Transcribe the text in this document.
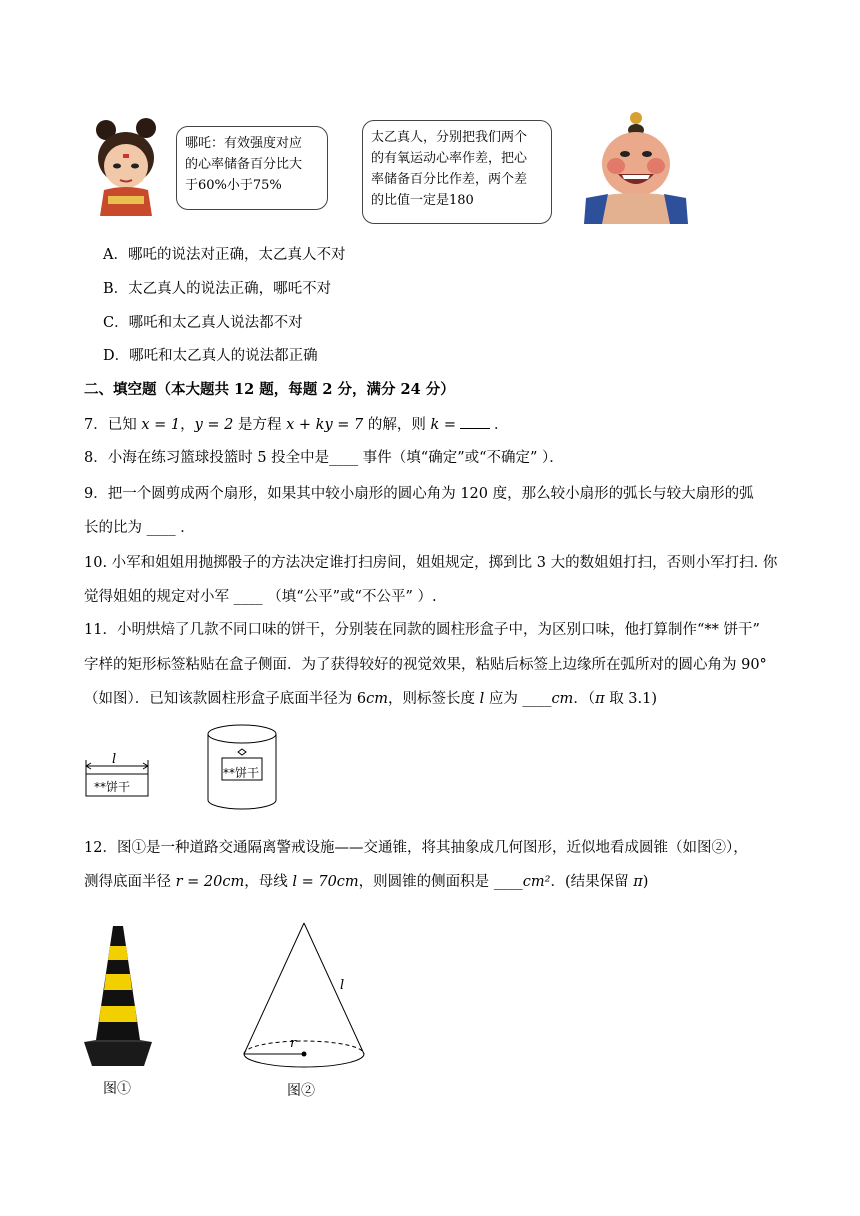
哪吒：有效强度对应
的心率储备百分比大
于60%小于75%
太乙真人，分别把我们两个
的有氧运动心率作差，把心
率储备百分比作差，两个差
的比值一定是180
A．哪吒的说法对正确，太乙真人不对
B．太乙真人的说法正确，哪吒不对
C．哪吒和太乙真人说法都不对
D．哪吒和太乙真人的说法都正确
二、填空题（本大题共 12 题，每题 2 分，满分 24 分）
7．已知 x = 1，y = 2 是方程 x + ky = 7 的解，则 k =	．
8．小海在练习篮球投篮时 5 投全中是____ 事件（填“确定”或“不确定” ）．
9．把一个圆剪成两个扇形，如果其中较小扇形的圆心角为 120 度，那么较小扇形的弧长与较大扇形的弧
长的比为 ____ ．
10. 小军和姐姐用抛掷骰子的方法决定谁打扫房间，姐姐规定，掷到比 3 大的数姐姐打扫，否则小军打扫. 你
觉得姐姐的规定对小军 ____ （填“公平”或“不公平” ）.
11．小明烘焙了几款不同口味的饼干，分别装在同款的圆柱形盒子中，为区别口味，他打算制作“** 饼干”
字样的矩形标签粘贴在盒子侧面．为了获得较好的视觉效果，粘贴后标签上边缘所在弧所对的圆心角为 90°
（如图）．已知该款圆柱形盒子底面半径为 6cm，则标签长度 l 应为 ____cm．（π 取 3.1)
l
**饼干
**饼干
12．图①是一种道路交通隔离警戒设施——交通锥，将其抽象成几何图形，近似地看成圆锥（如图②），
测得底面半径 r = 20cm，母线 l = 70cm，则圆锥的侧面积是 ____cm²．(结果保留 π)
l
r
图①	图②
